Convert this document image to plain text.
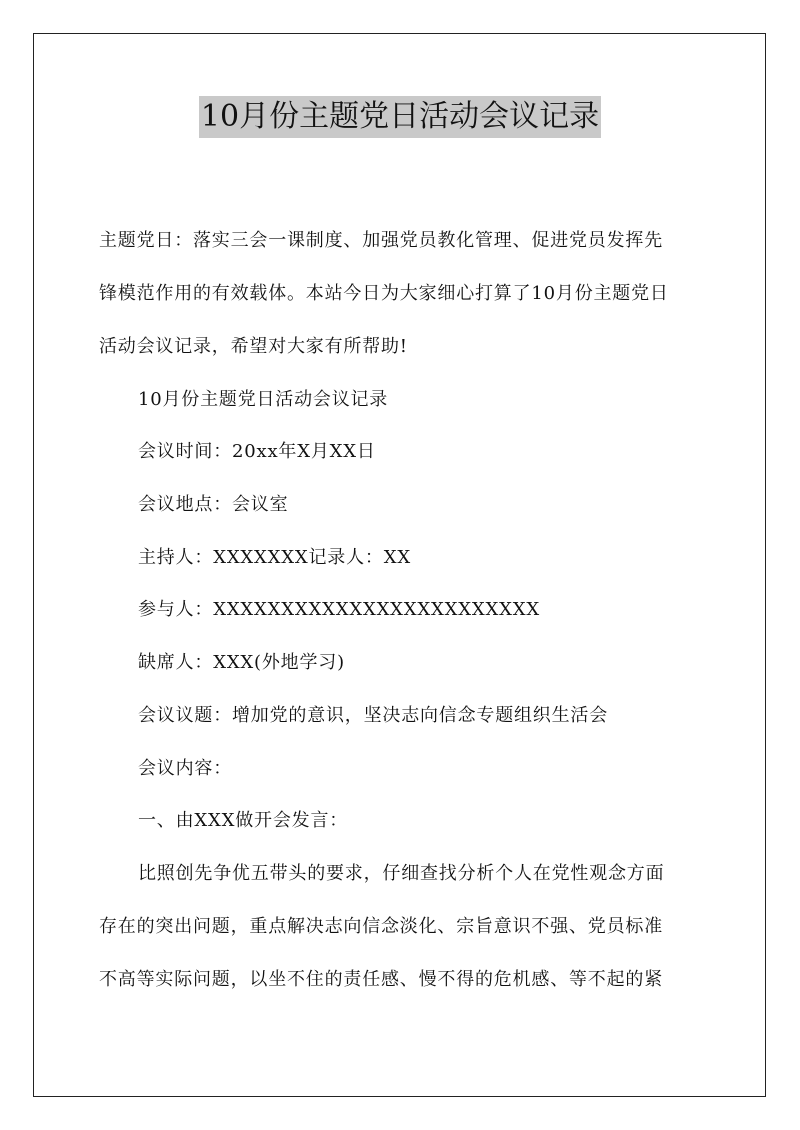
10月份主题党日活动会议记录
主题党日：落实三会一课制度、加强党员教化管理、促进党员发挥先
锋模范作用的有效载体。本站今日为大家细心打算了10月份主题党日
活动会议记录，希望对大家有所帮助!
10月份主题党日活动会议记录
会议时间：20xx年X月XX日
会议地点：会议室
主持人：XXXXXXX记录人：XX
参与人：XXXXXXXXXXXXXXXXXXXXXXXX
缺席人：XXX(外地学习)
会议议题：增加党的意识，坚决志向信念专题组织生活会
会议内容：
一、由XXX做开会发言：
比照创先争优五带头的要求，仔细查找分析个人在党性观念方面
存在的突出问题，重点解决志向信念淡化、宗旨意识不强、党员标准
不高等实际问题，以坐不住的责任感、慢不得的危机感、等不起的紧
